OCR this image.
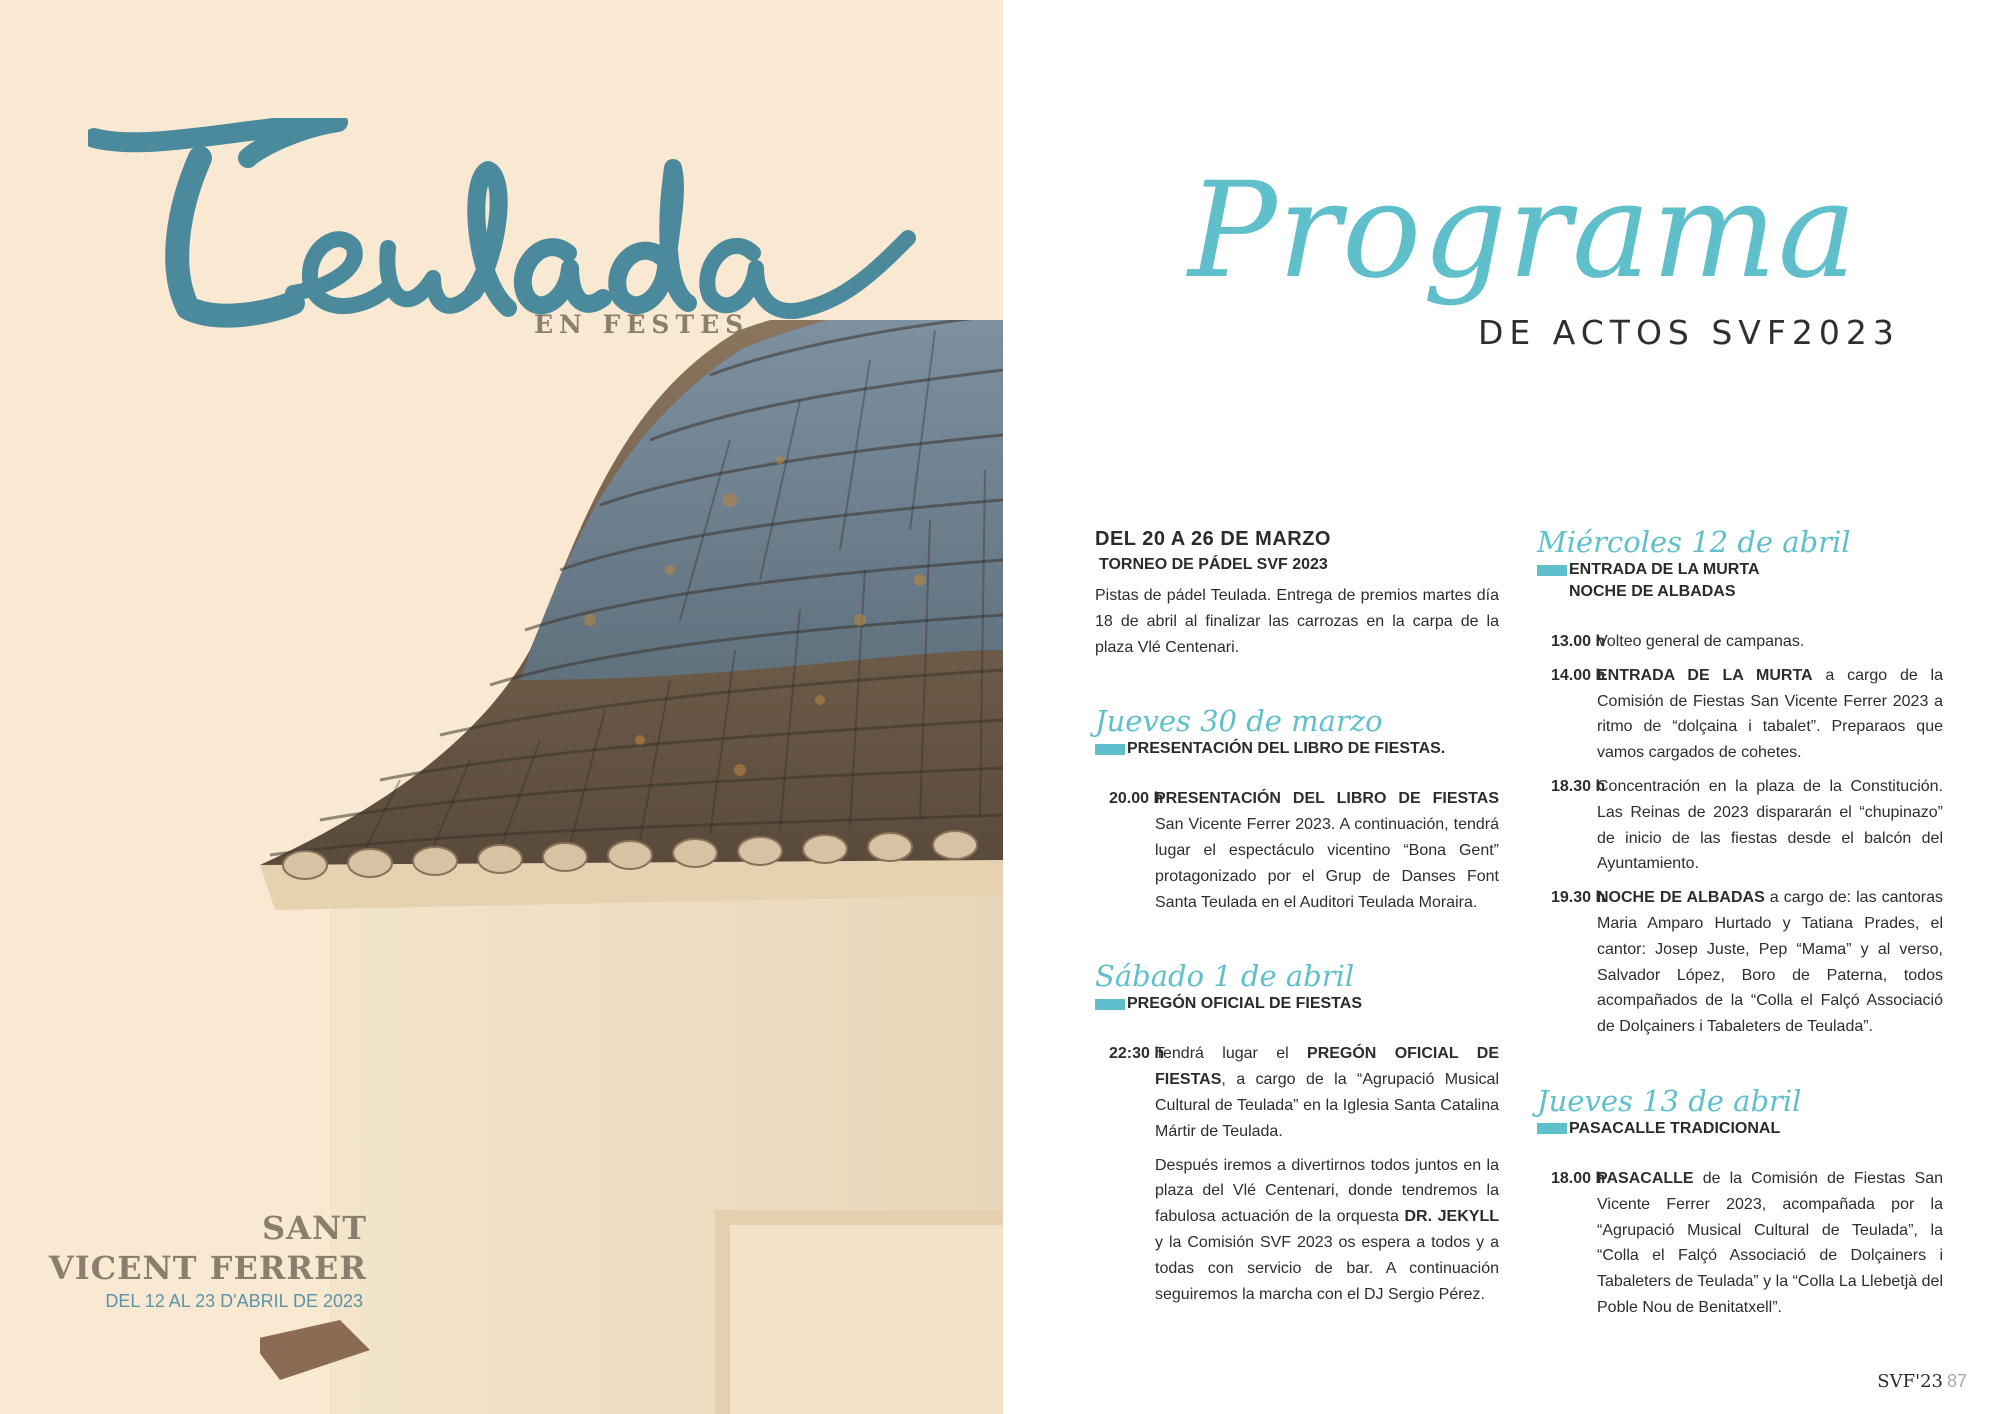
EN FESTES
SANT
VICENT FERRER
DEL 12 AL 23 D'ABRIL DE 2023
Programa
DE ACTOS SVF2023
DEL 20 A 26 DE MARZO
TORNEO DE PÁDEL SVF 2023
Pistas de pádel Teulada. Entrega de premios martes día 18 de abril al finalizar las carrozas en la carpa de la plaza Vlé Centenari.
Jueves 30 de marzo
PRESENTACIÓN DEL LIBRO DE FIESTAS.
20.00 h
PRESENTACIÓN DEL LIBRO DE FIESTAS San Vicente Ferrer 2023. A continuación, tendrá lugar el espectáculo vicentino “Bona Gent” protagonizado por el Grup de Danses Font Santa Teulada en el Auditori Teulada Moraira.
Sábado 1 de abril
PREGÓN OFICIAL DE FIESTAS
22:30 h
Tendrá lugar el PREGÓN OFICIAL DE FIESTAS, a cargo de la “Agrupació Musical Cultural de Teulada” en la Iglesia Santa Catalina Mártir de Teulada.
Después iremos a divertirnos todos juntos en la plaza del Vlé Centenari, donde tendremos la fabulosa actuación de la orquesta DR. JEKYLL y la Comisión SVF 2023 os espera a todos y a todas con servicio de bar. A continuación seguiremos la marcha con el DJ Sergio Pérez.
Miércoles 12 de abril
ENTRADA DE LA MURTA
NOCHE DE ALBADAS
13.00 h
Volteo general de campanas.
14.00 h
ENTRADA DE LA MURTA a cargo de la Comisión de Fiestas San Vicente Ferrer 2023 a ritmo de “dolçaina i tabalet”. Preparaos que vamos cargados de cohetes.
18.30 h
Concentración en la plaza de la Constitución. Las Reinas de 2023 dispararán el “chupinazo” de inicio de las fiestas desde el balcón del Ayuntamiento.
19.30 h
NOCHE DE ALBADAS a cargo de: las cantoras Maria Amparo Hurtado y Tatiana Prades, el cantor: Josep Juste, Pep “Mama” y al verso, Salvador López, Boro de Paterna, todos acompañados de la “Colla el Falçó Associació de Dolçainers i Tabaleters de Teulada”.
Jueves 13 de abril
PASACALLE TRADICIONAL
18.00 h
PASACALLE de la Comisión de Fiestas San Vicente Ferrer 2023, acompañada por la “Agrupació Musical Cultural de Teulada”, la “Colla el Falçó Associació de Dolçainers i Tabaleters de Teulada” y la “Colla La Llebetjà del Poble Nou de Benitatxell”.
SVF'23 87
